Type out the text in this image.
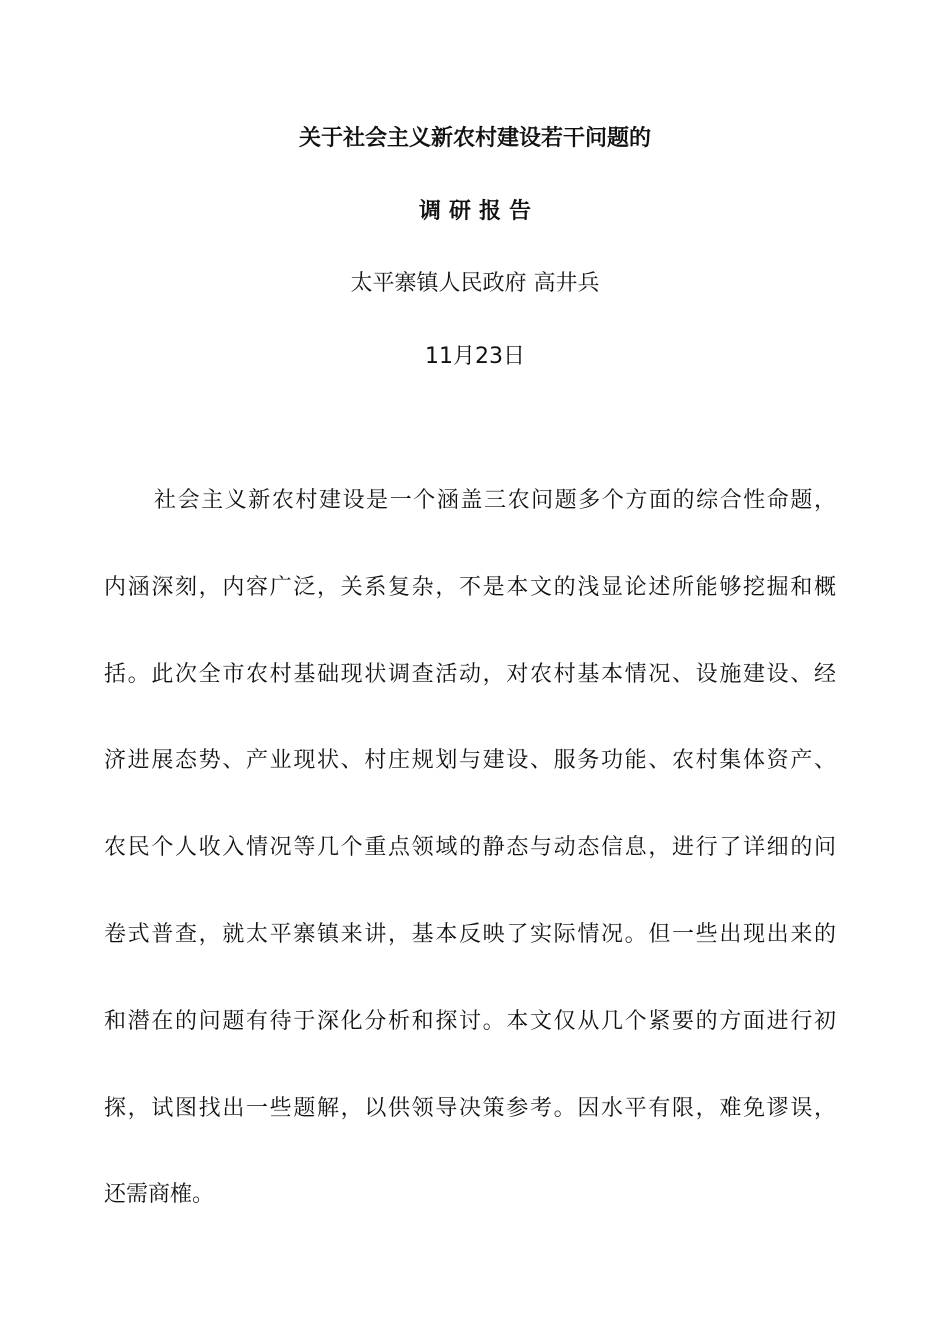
关于社会主义新农村建设若干问题的
调研报告
太平寨镇人民政府 高井兵
11月23日
社会主义新农村建设是一个涵盖三农问题多个方面的综合性命题，
内涵深刻，内容广泛，关系复杂，不是本文的浅显论述所能够挖掘和概
括。此次全市农村基础现状调查活动，对农村基本情况、设施建设、经
济进展态势、产业现状、村庄规划与建设、服务功能、农村集体资产、
农民个人收入情况等几个重点领域的静态与动态信息，进行了详细的问
卷式普查，就太平寨镇来讲，基本反映了实际情况。但一些出现出来的
和潜在的问题有待于深化分析和探讨。本文仅从几个紧要的方面进行初
探，试图找出一些题解，以供领导决策参考。因水平有限，难免谬误，
还需商榷。
